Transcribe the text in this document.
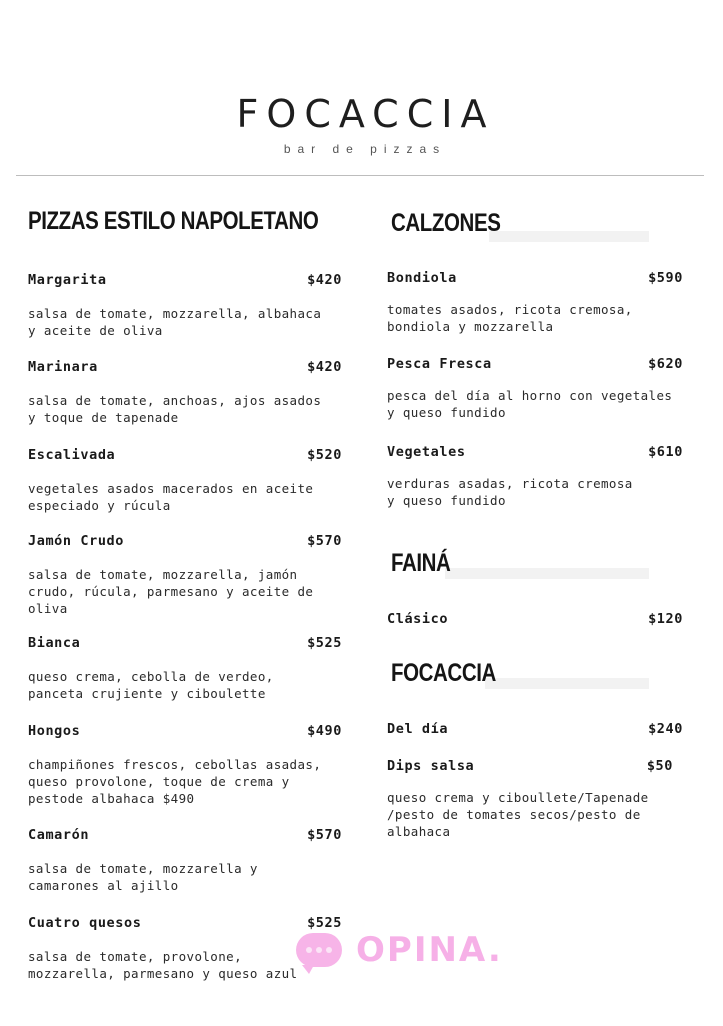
FOCACCIA
bar de pizzas
PIZZAS ESTILO NAPOLETANO
Margarita	$420
salsa de tomate, mozzarella, albahaca
y aceite de oliva
Marinara	$420
salsa de tomate, anchoas, ajos asados
y toque de tapenade
Escalivada	$520
vegetales asados macerados en aceite
especiado y rúcula
Jamón Crudo	$570
salsa de tomate, mozzarella, jamón
crudo, rúcula, parmesano y aceite de
oliva
Bianca	$525
queso crema, cebolla de verdeo,
panceta crujiente y ciboulette
Hongos	$490
champiñones frescos, cebollas asadas,
queso provolone, toque de crema y
pestode albahaca $490
Camarón	$570
salsa de tomate, mozzarella y
camarones al ajillo
Cuatro quesos	$525
salsa de tomate, provolone,
mozzarella, parmesano y queso azul
CALZONES
Bondiola	$590
tomates asados, ricota cremosa,
bondiola y mozzarella
Pesca Fresca	$620
pesca del día al horno con vegetales
y queso fundido
Vegetales	$610
verduras asadas, ricota cremosa
y queso fundido
FAINÁ
Clásico	$120
FOCACCIA
Del día	$240
Dips salsa	$50
queso crema y ciboullete/Tapenade
/pesto de tomates secos/pesto de
albahaca
OPINA.
